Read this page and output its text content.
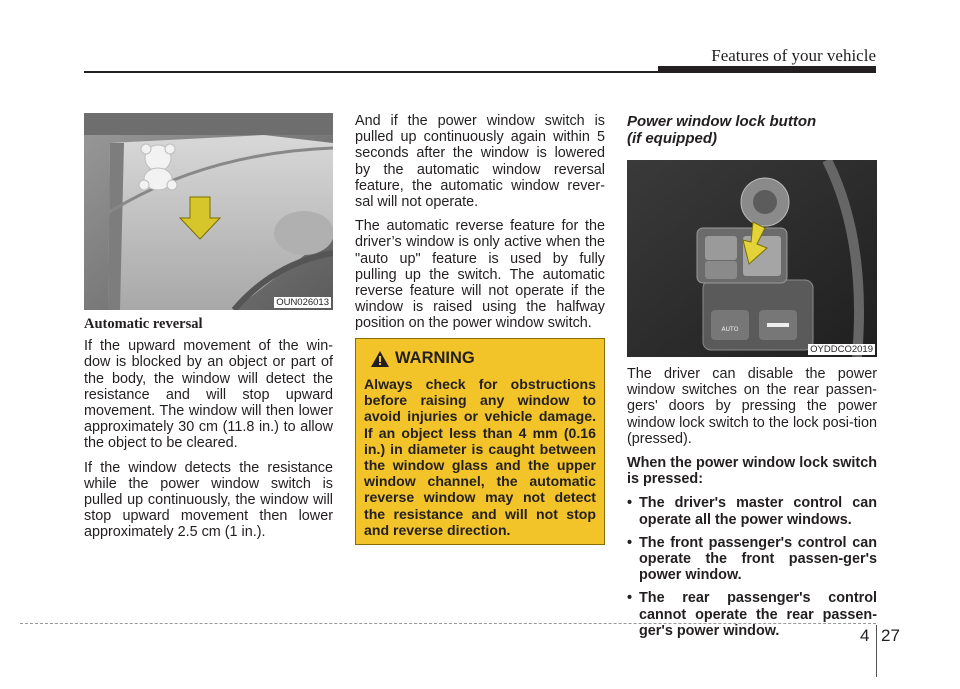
Features of your vehicle
OUN026013
Automatic reversal

If the upward movement of the win-dow is blocked by an object or part of the body, the window will detect the resistance and will stop upward movement. The window will then lower approximately 30 cm (11.8 in.) to allow the object to be cleared.

If the window detects the resistance while the power window switch is pulled up continuously, the window will stop upward movement then lower approximately 2.5 cm (1 in.).

And if the power window switch is pulled up continuously again within 5 seconds after the window is lowered by the automatic window reversal feature, the automatic window rever-sal will not operate.

The automatic reverse feature for the driver’s window is only active when the "auto up" feature is used by fully pulling up the switch. The automatic reverse feature will not operate if the window is raised using the halfway position on the power window switch.

WARNING
Always check for obstructions before raising any window to avoid injuries or vehicle damage. If an object less than 4 mm (0.16 in.) in diameter is caught between the window glass and the upper window channel, the automatic reverse window may not detect the resistance and will not stop and reverse direction.
Power window lock button
(if equipped)
AUTO
OYDDCO2019

The driver can disable the power window switches on the rear passen-gers' doors by pressing the power window lock switch to the lock posi-tion (pressed).

When the power window lock switch is pressed:

• The driver's master control can operate all the power windows.
• The front passenger's control can operate the front passen-ger's power window.
• The rear passenger's control cannot operate the rear passen-ger's power window.	4 27
